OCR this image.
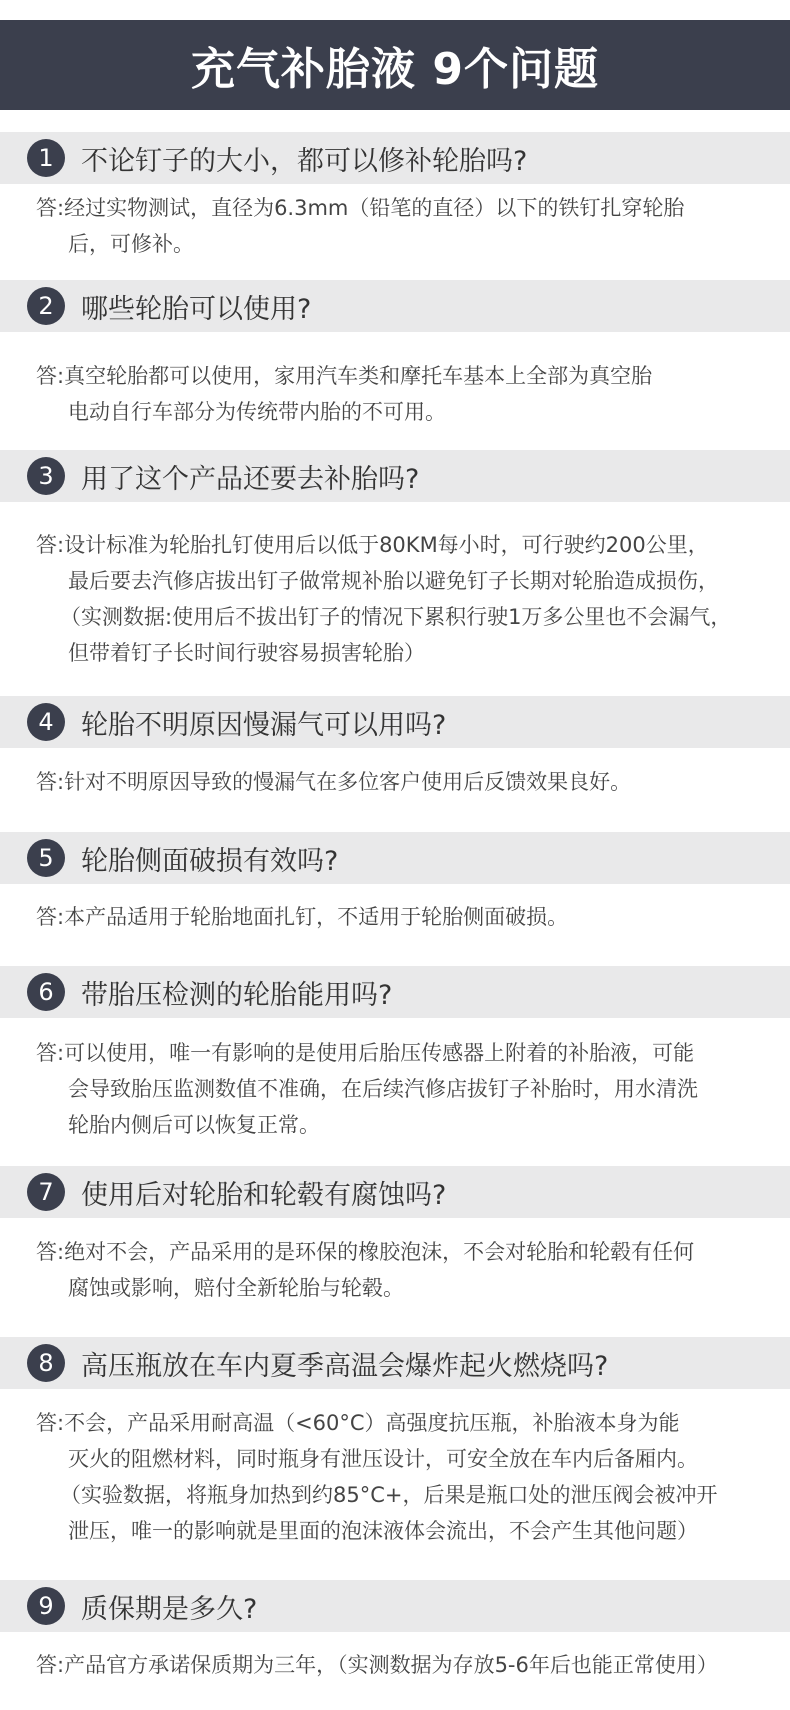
充气补胎液 9个问题
1	不论钉子的大小，都可以修补轮胎吗?
答:经过实物测试，直径为6.3mm（铅笔的直径）以下的铁钉扎穿轮胎
后，可修补。
2	哪些轮胎可以使用?
答:真空轮胎都可以使用，家用汽车类和摩托车基本上全部为真空胎
电动自行车部分为传统带内胎的不可用。
3	用了这个产品还要去补胎吗?
答:设计标准为轮胎扎钉使用后以低于80KM每小时，可行驶约200公里，
最后要去汽修店拔出钉子做常规补胎以避免钉子长期对轮胎造成损伤，
（实测数据:使用后不拔出钉子的情况下累积行驶1万多公里也不会漏气，
但带着钉子长时间行驶容易损害轮胎）
4	轮胎不明原因慢漏气可以用吗?
答:针对不明原因导致的慢漏气在多位客户使用后反馈效果良好。
5	轮胎侧面破损有效吗?
答:本产品适用于轮胎地面扎钉，不适用于轮胎侧面破损。
6	带胎压检测的轮胎能用吗?
答:可以使用，唯一有影响的是使用后胎压传感器上附着的补胎液，可能
会导致胎压监测数值不准确，在后续汽修店拔钉子补胎时，用水清洗
轮胎内侧后可以恢复正常。
7	使用后对轮胎和轮毂有腐蚀吗?
答:绝对不会，产品采用的是环保的橡胶泡沫，不会对轮胎和轮毂有任何
腐蚀或影响，赔付全新轮胎与轮毂。
8	高压瓶放在车内夏季高温会爆炸起火燃烧吗?
答:不会，产品采用耐高温（<60°C）高强度抗压瓶，补胎液本身为能
灭火的阻燃材料，同时瓶身有泄压设计，可安全放在车内后备厢内。
（实验数据，将瓶身加热到约85°C+，后果是瓶口处的泄压阀会被冲开
泄压，唯一的影响就是里面的泡沫液体会流出，不会产生其他问题）
9	质保期是多久?
答:产品官方承诺保质期为三年，（实测数据为存放5-6年后也能正常使用）
